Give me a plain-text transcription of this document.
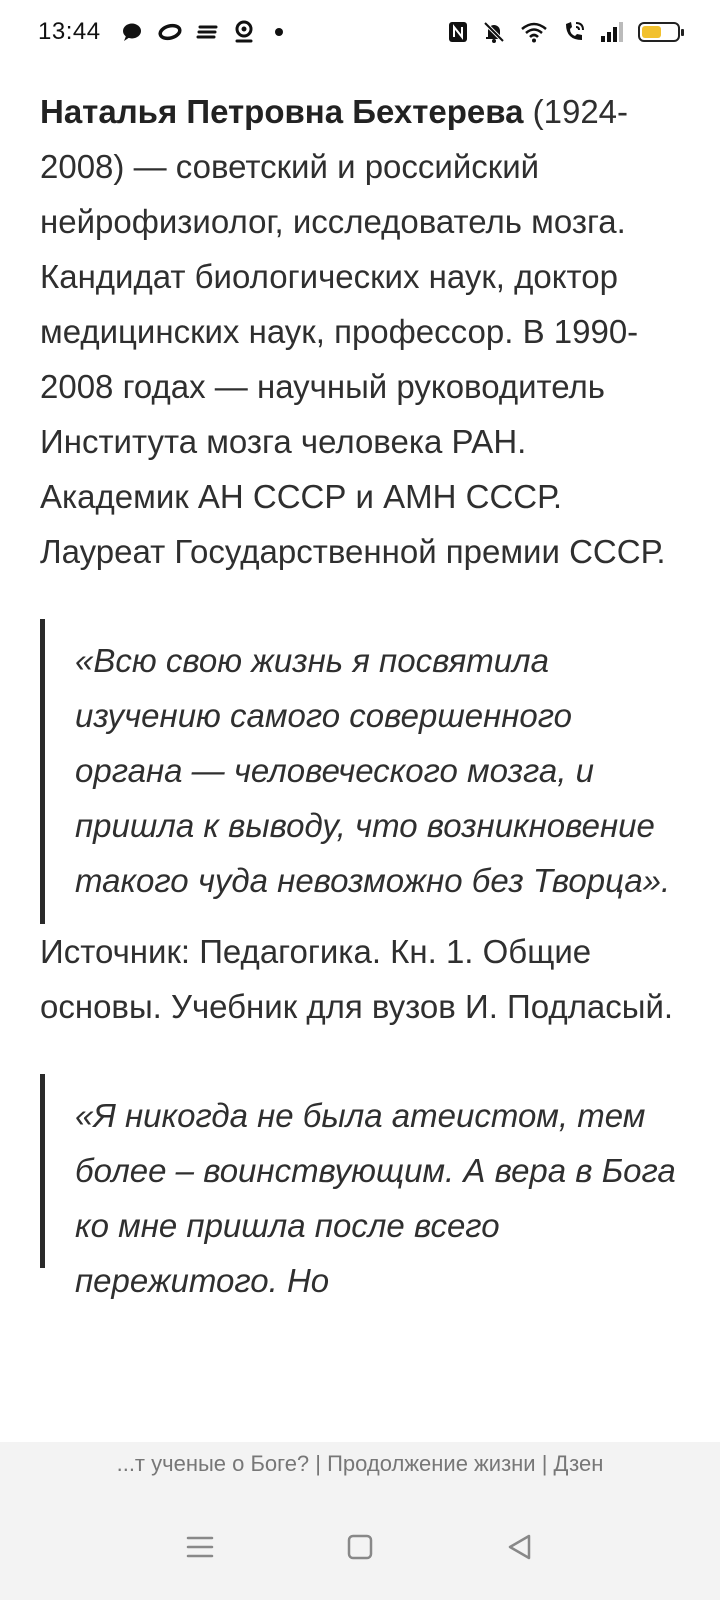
13:44

Наталья Петровна Бехтерева (1924-2008) — советский и российский нейрофизиолог, исследователь мозга. Кандидат биологических наук, доктор медицинских наук, профессор. В 1990-2008 годах — научный руководитель Института мозга человека РАН. Академик АН СССР и АМН СССР. Лауреат Государственной премии СССР.

«Всю свою жизнь я посвятила изучению самого совершенного органа — человеческого мозга, и пришла к выводу, что возникновение такого чуда невозможно без Творца».

Источник: Педагогика. Кн. 1. Общие основы. Учебник для вузов И. Подласый.

«Я никогда не была атеистом, тем более – воинствующим. А вера в Бога ко мне пришла после всего пережитого. Но
...т ученые о Боге? | Продолжение жизни | Дзен
